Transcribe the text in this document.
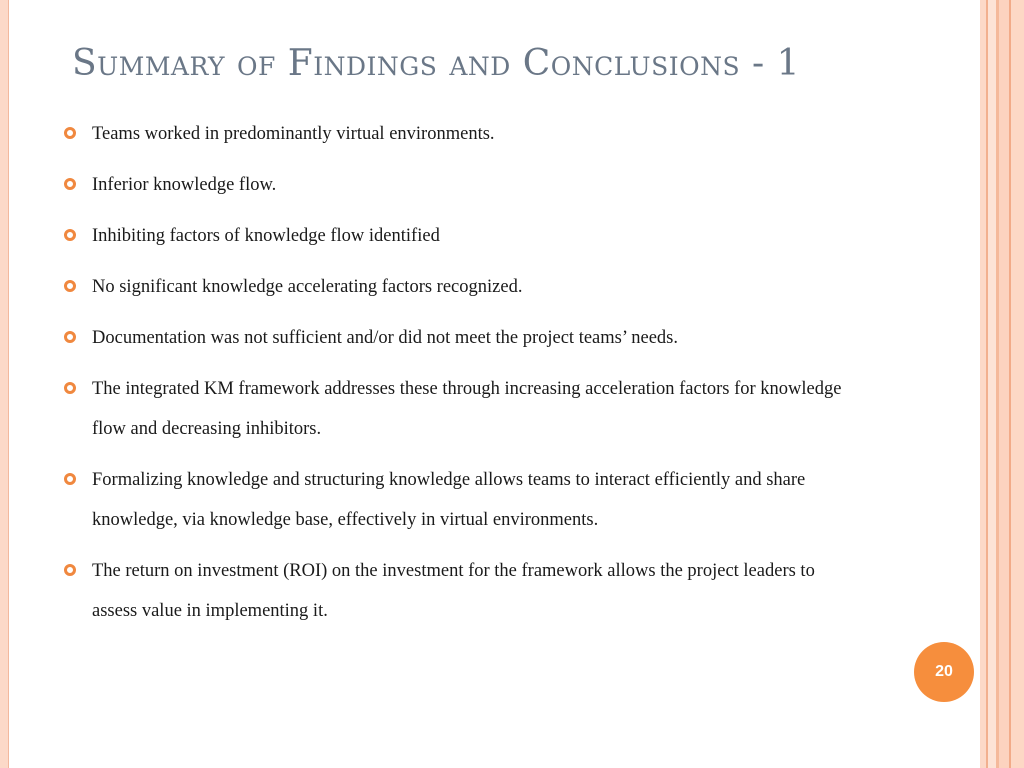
Summary of Findings and Conclusions - 1
Teams worked in predominantly virtual environments.
Inferior knowledge flow.
Inhibiting factors of knowledge flow identified
No significant knowledge accelerating factors recognized.
Documentation was not sufficient and/or did not meet the project teams’ needs.
The integrated KM framework addresses these through increasing acceleration factors for knowledge flow and decreasing inhibitors.
Formalizing knowledge and structuring knowledge allows teams to interact efficiently and share knowledge, via knowledge base, effectively in virtual environments.
The return on investment (ROI) on the investment for the framework allows the project leaders to assess value in implementing it.
20
